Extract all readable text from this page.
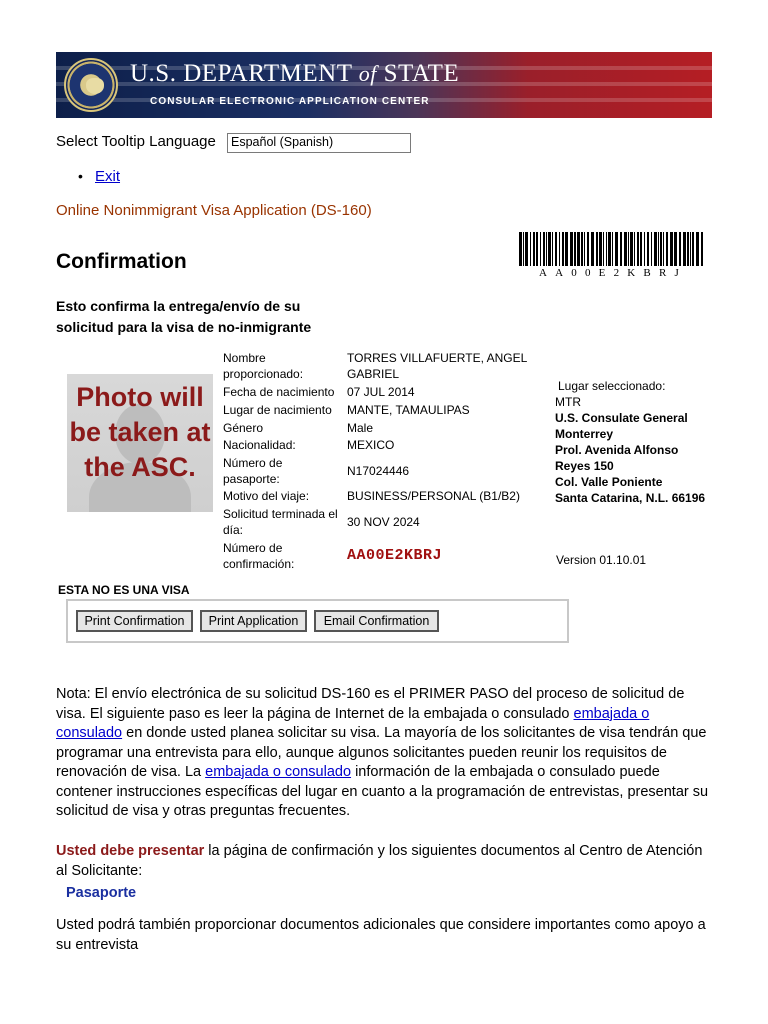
U.S. DEPARTMENT of STATE
CONSULAR ELECTRONIC APPLICATION CENTER
Select Tooltip Language	Español (Spanish)
• Exit
Online Nonimmigrant Visa Application (DS-160)
Confirmation	AA00E2KBRJ
Esto confirma la entrega/envío de su solicitud para la visa de no-inmigrante
Photo will be taken at the ASC.
Nombre proporcionado:
TORRES VILLAFUERTE, ANGEL GABRIEL
Fecha de nacimiento	07 JUL 2014
Lugar de nacimiento	MANTE, TAMAULIPAS
Género	Male
Nacionalidad:	MEXICO
Número de pasaporte:
N17024446
Motivo del viaje:	BUSINESS/PERSONAL (B1/B2)
Solicitud terminada el día:
30 NOV 2024
Número de confirmación:	AA00E2KBRJ
Lugar seleccionado:
MTR
U.S. Consulate General Monterrey
Prol. Avenida Alfonso Reyes 150
Col. Valle Poniente
Santa Catarina, N.L. 66196
Version 01.10.01
ESTA NO ES UNA VISA
Print Confirmation	Print Application	Email Confirmation
Nota: El envío electrónica de su solicitud DS-160 es el PRIMER PASO del proceso de solicitud de visa. El siguiente paso es leer la página de Internet de la embajada o consulado embajada o consulado en donde usted planea solicitar su visa. La mayoría de los solicitantes de visa tendrán que programar una entrevista para ello, aunque algunos solicitantes pueden reunir los requisitos de renovación de visa. La embajada o consulado información de la embajada o consulado puede contener instrucciones específicas del lugar en cuanto a la programación de entrevistas, presentar su solicitud de visa y otras preguntas frecuentes.
Usted debe presentar la página de confirmación y los siguientes documentos al Centro de Atención al Solicitante:
Pasaporte
Usted podrá también proporcionar documentos adicionales que considere importantes como apoyo a su entrevista
